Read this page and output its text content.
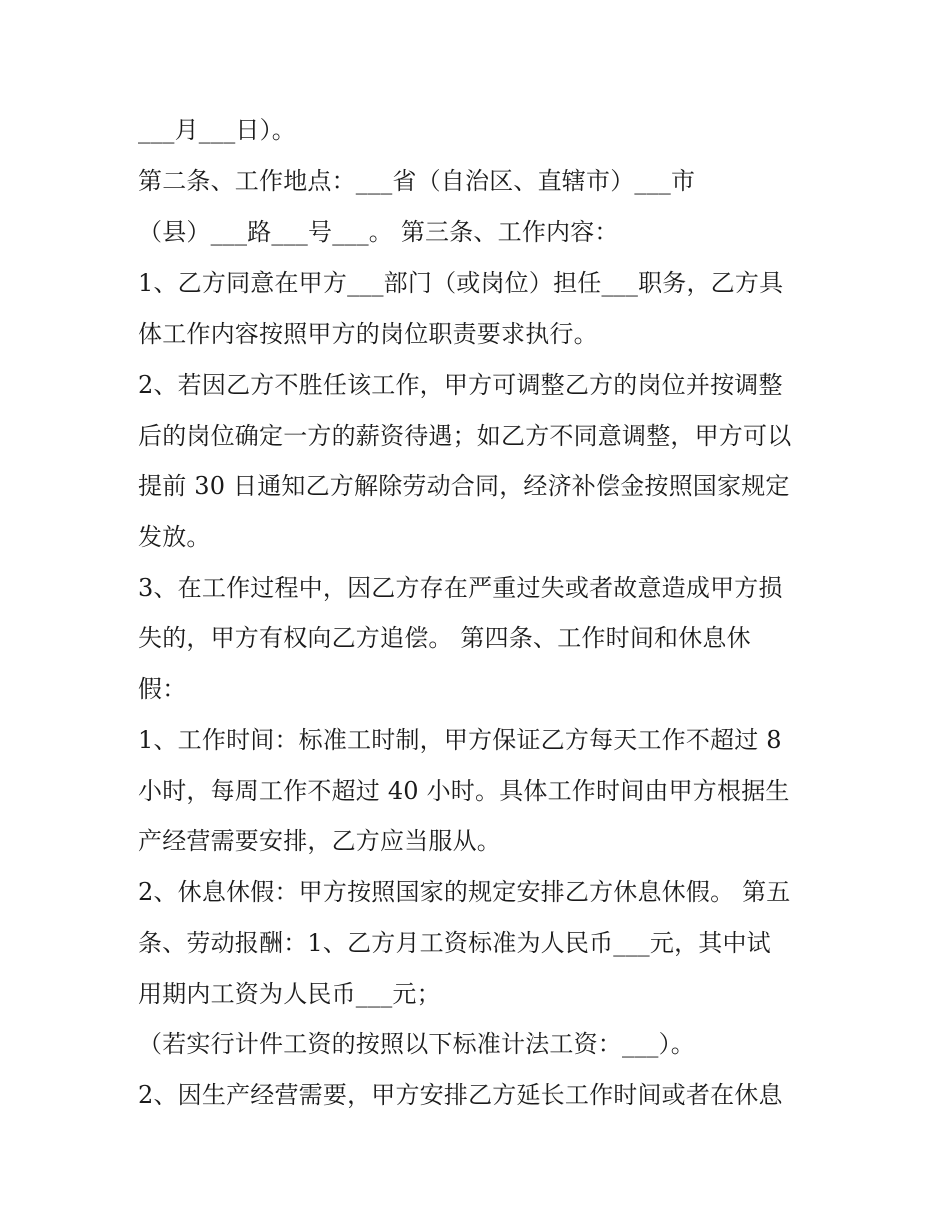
___月___日）。

第二条、工作地点：___省（自治区、直辖市）___市

（县）___路___号___。 第三条、工作内容：

1、乙方同意在甲方___部门（或岗位）担任___职务，乙方具

体工作内容按照甲方的岗位职责要求执行。

2、若因乙方不胜任该工作，甲方可调整乙方的岗位并按调整

后的岗位确定一方的薪资待遇；如乙方不同意调整，甲方可以

提前 30 日通知乙方解除劳动合同，经济补偿金按照国家规定

发放。

3、在工作过程中，因乙方存在严重过失或者故意造成甲方损

失的，甲方有权向乙方追偿。 第四条、工作时间和休息休

假：

1、工作时间：标准工时制，甲方保证乙方每天工作不超过 8

小时，每周工作不超过 40 小时。具体工作时间由甲方根据生

产经营需要安排，乙方应当服从。

2、休息休假：甲方按照国家的规定安排乙方休息休假。 第五

条、劳动报酬：1、乙方月工资标准为人民币___元，其中试

用期内工资为人民币___元；

（若实行计件工资的按照以下标准计法工资：___）。

2、因生产经营需要，甲方安排乙方延长工作时间或者在休息
